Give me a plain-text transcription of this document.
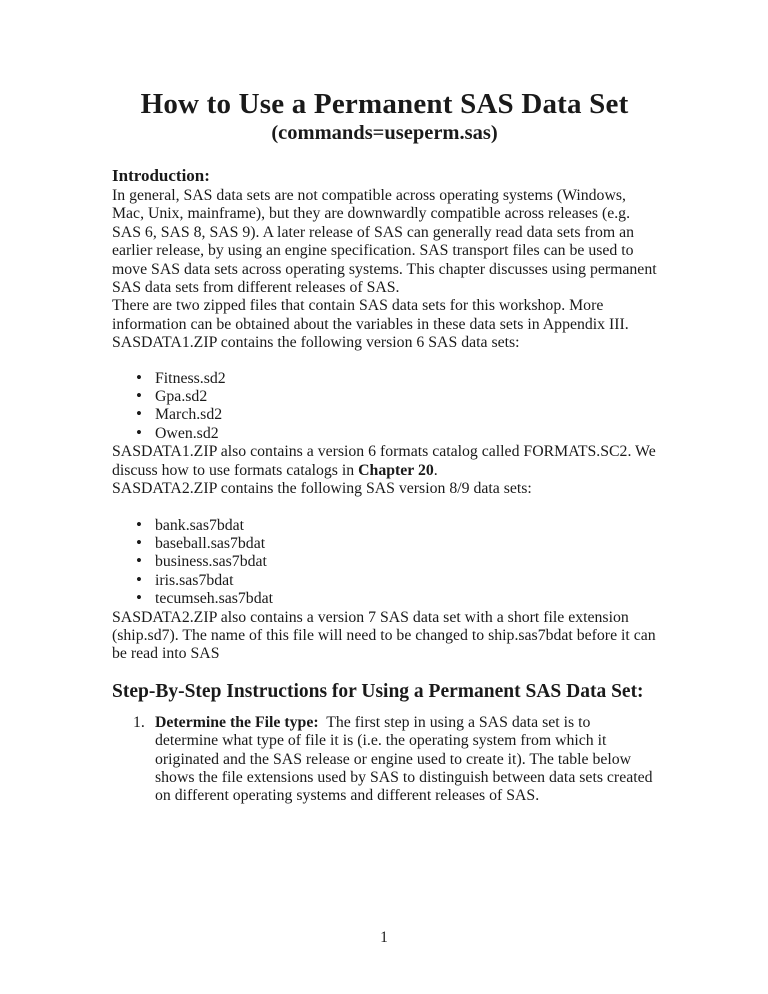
How to Use a Permanent SAS Data Set
(commands=useperm.sas)
Introduction:

In general, SAS data sets are not compatible across operating systems (Windows, Mac, Unix, mainframe), but they are downwardly compatible across releases (e.g. SAS 6, SAS 8, SAS 9). A later release of SAS can generally read data sets from an earlier release, by using an engine specification. SAS transport files can be used to move SAS data sets across operating systems. This chapter discusses using permanent SAS data sets from different releases of SAS.

There are two zipped files that contain SAS data sets for this workshop. More information can be obtained about the variables in these data sets in Appendix III.

SASDATA1.ZIP contains the following version 6 SAS data sets:

• Fitness.sd2
• Gpa.sd2
• March.sd2
• Owen.sd2

SASDATA1.ZIP also contains a version 6 formats catalog called FORMATS.SC2. We discuss how to use formats catalogs in Chapter 20.

SASDATA2.ZIP contains the following SAS version 8/9 data sets:

• bank.sas7bdat
• baseball.sas7bdat
• business.sas7bdat
• iris.sas7bdat
• tecumseh.sas7bdat

SASDATA2.ZIP also contains a version 7 SAS data set with a short file extension (ship.sd7). The name of this file will need to be changed to ship.sas7bdat before it can be read into SAS

Step-By-Step Instructions for Using a Permanent SAS Data Set:
1. Determine the File type:  The first step in using a SAS data set is to determine what type of file it is (i.e. the operating system from which it originated and the SAS release or engine used to create it). The table below shows the file extensions used by SAS to distinguish between data sets created on different operating systems and different releases of SAS.
1
